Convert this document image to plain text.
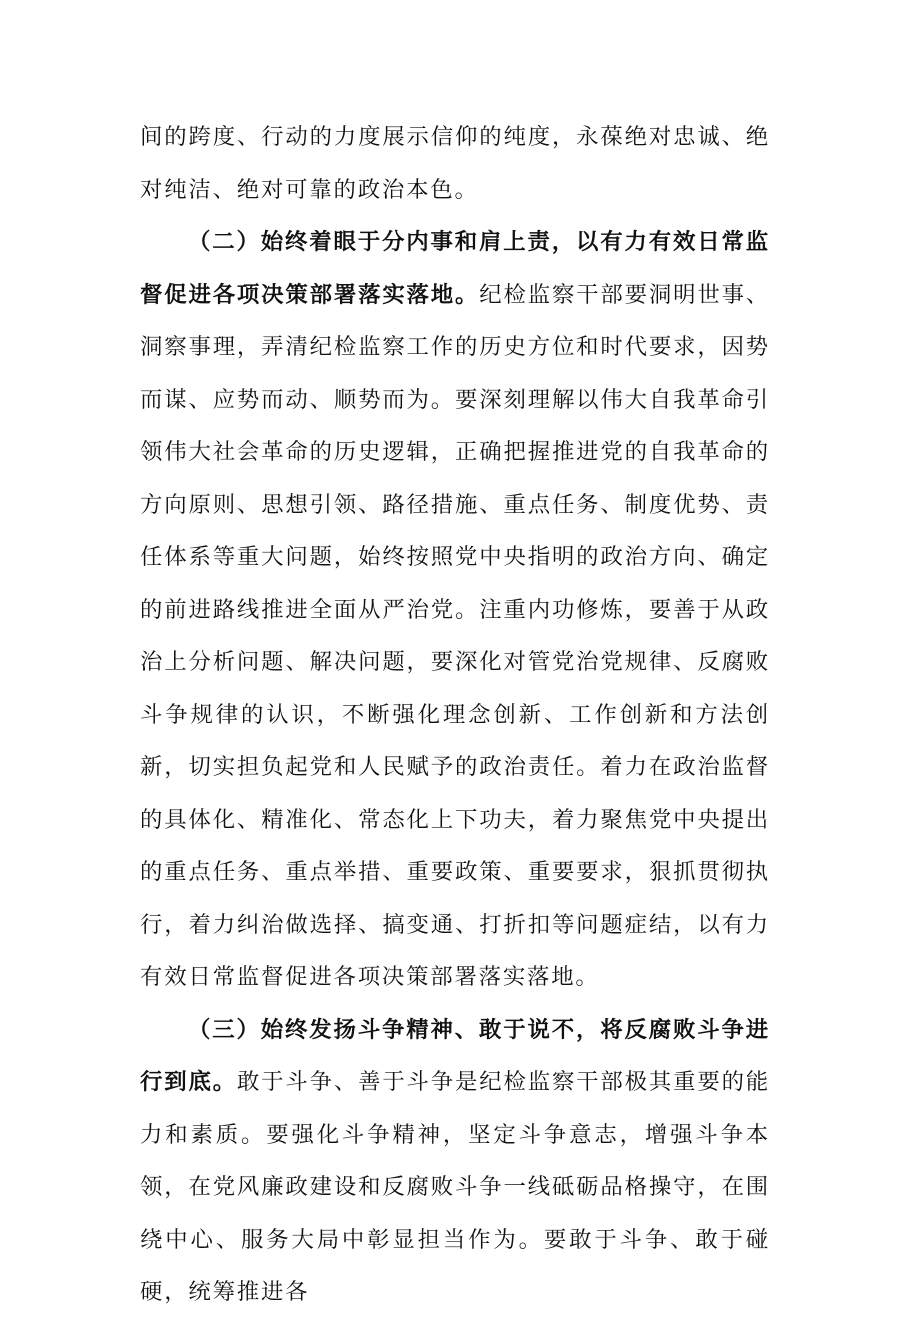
间的跨度、行动的力度展示信仰的纯度，永葆绝对忠诚、绝对纯洁、绝对可靠的政治本色。

（二）始终着眼于分内事和肩上责，以有力有效日常监督促进各项决策部署落实落地。纪检监察干部要洞明世事、洞察事理，弄清纪检监察工作的历史方位和时代要求，因势而谋、应势而动、顺势而为。要深刻理解以伟大自我革命引领伟大社会革命的历史逻辑，正确把握推进党的自我革命的方向原则、思想引领、路径措施、重点任务、制度优势、责任体系等重大问题，始终按照党中央指明的政治方向、确定的前进路线推进全面从严治党。注重内功修炼，要善于从政治上分析问题、解决问题，要深化对管党治党规律、反腐败斗争规律的认识，不断强化理念创新、工作创新和方法创新，切实担负起党和人民赋予的政治责任。着力在政治监督的具体化、精准化、常态化上下功夫，着力聚焦党中央提出的重点任务、重点举措、重要政策、重要要求，狠抓贯彻执行，着力纠治做选择、搞变通、打折扣等问题症结，以有力有效日常监督促进各项决策部署落实落地。

（三）始终发扬斗争精神、敢于说不，将反腐败斗争进行到底。敢于斗争、善于斗争是纪检监察干部极其重要的能力和素质。要强化斗争精神，坚定斗争意志，增强斗争本领，在党风廉政建设和反腐败斗争一线砥砺品格操守，在围绕中心、服务大局中彰显担当作为。要敢于斗争、敢于碰硬，统筹推进各
